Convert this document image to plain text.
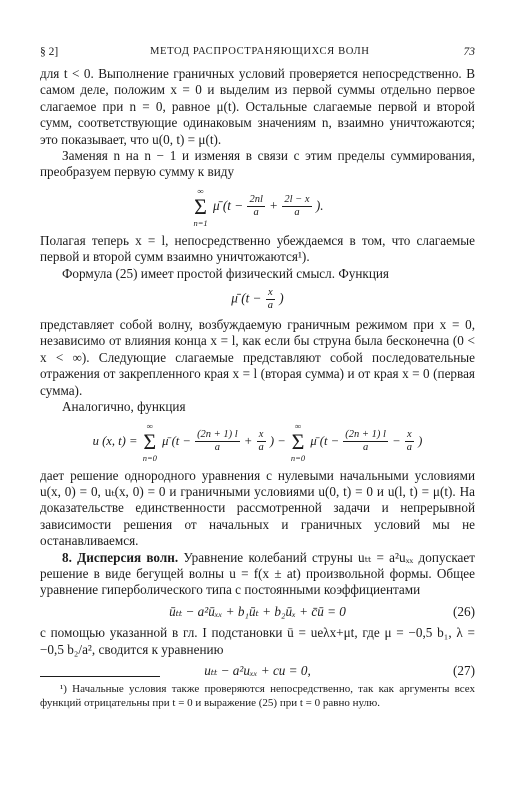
§ 2]	МЕТОД РАСПРОСТРАНЯЮЩИХСЯ ВОЛН	73

для t < 0. Выполнение граничных условий проверяется непосредственно. В самом деле, положим x = 0 и выделим из первой суммы отдельно первое слагаемое при n = 0, равное μ(t). Остальные слагаемые первой и второй сумм, соответствующие одинаковым значениям n, взаимно уничтожаются; это показывает, что u(0, t) = μ(t).

Заменяя n на n − 1 и изменяя в связи с этим пределы суммирования, преобразуем первую сумму к виду

∞
Σ
n=1
μ̄ ($t - \frac{2nl}{a} + \frac{2l - x}{a}$ ).

Полагая теперь x = l, непосредственно убеждаемся в том, что слагаемые первой и второй сумм взаимно уничтожаются¹).

Формула (25) имеет простой физический смысл. Функция

μ̄ ($t - \frac{x}{a}$ )

представляет собой волну, возбуждаемую граничным режимом при x = 0, независимо от влияния конца x = l, как если бы струна была бесконечна (0 < x < ∞). Следующие слагаемые представляют собой последовательные отражения от закрепленного края x = l (вторая сумма) и от края x = 0 (первая сумма).

Аналогично, функция

u (x, t) =
∞
Σ
n=0
μ̄ ($t - \frac{(2n + 1) l}{a} + \frac{x}{a}$ ) −
∞
Σ
n=0
μ̄ ($t - \frac{(2n + 1) l}{a} - \frac{x}{a}$ )

дает решение однородного уравнения с нулевыми начальными условиями u(x, 0) = 0, uₜ(x, 0) = 0 и граничными условиями u(0, t) = 0 и u(l, t) = μ(t). На доказательстве единственности рассмотренной задачи и непрерывной зависимости решения от начальных и граничных условий мы не останавливаемся.

8. Дисперсия волн. Уравнение колебаний струны uₜₜ = a²uₓₓ допускает решение в виде бегущей волны u = f(x ± at) произвольной формы. Общее уравнение гиперболического типа с постоянными коэффициентами

ūₜₜ − a²ūₓₓ + b₁ūₜ + b₂ūₓ + c̄ū = 0	(26)

с помощью указанной в гл. I подстановки ū = ueλx+μt, где μ = −0,5 b₁, λ = −0,5 b₂/a², сводится к уравнению

uₜₜ − a²uₓₓ + cu = 0,	(27)
¹) Начальные условия также проверяются непосредственно, так как аргументы всех функций отрицательны при t = 0 и выражение (25) при t = 0 равно нулю.
